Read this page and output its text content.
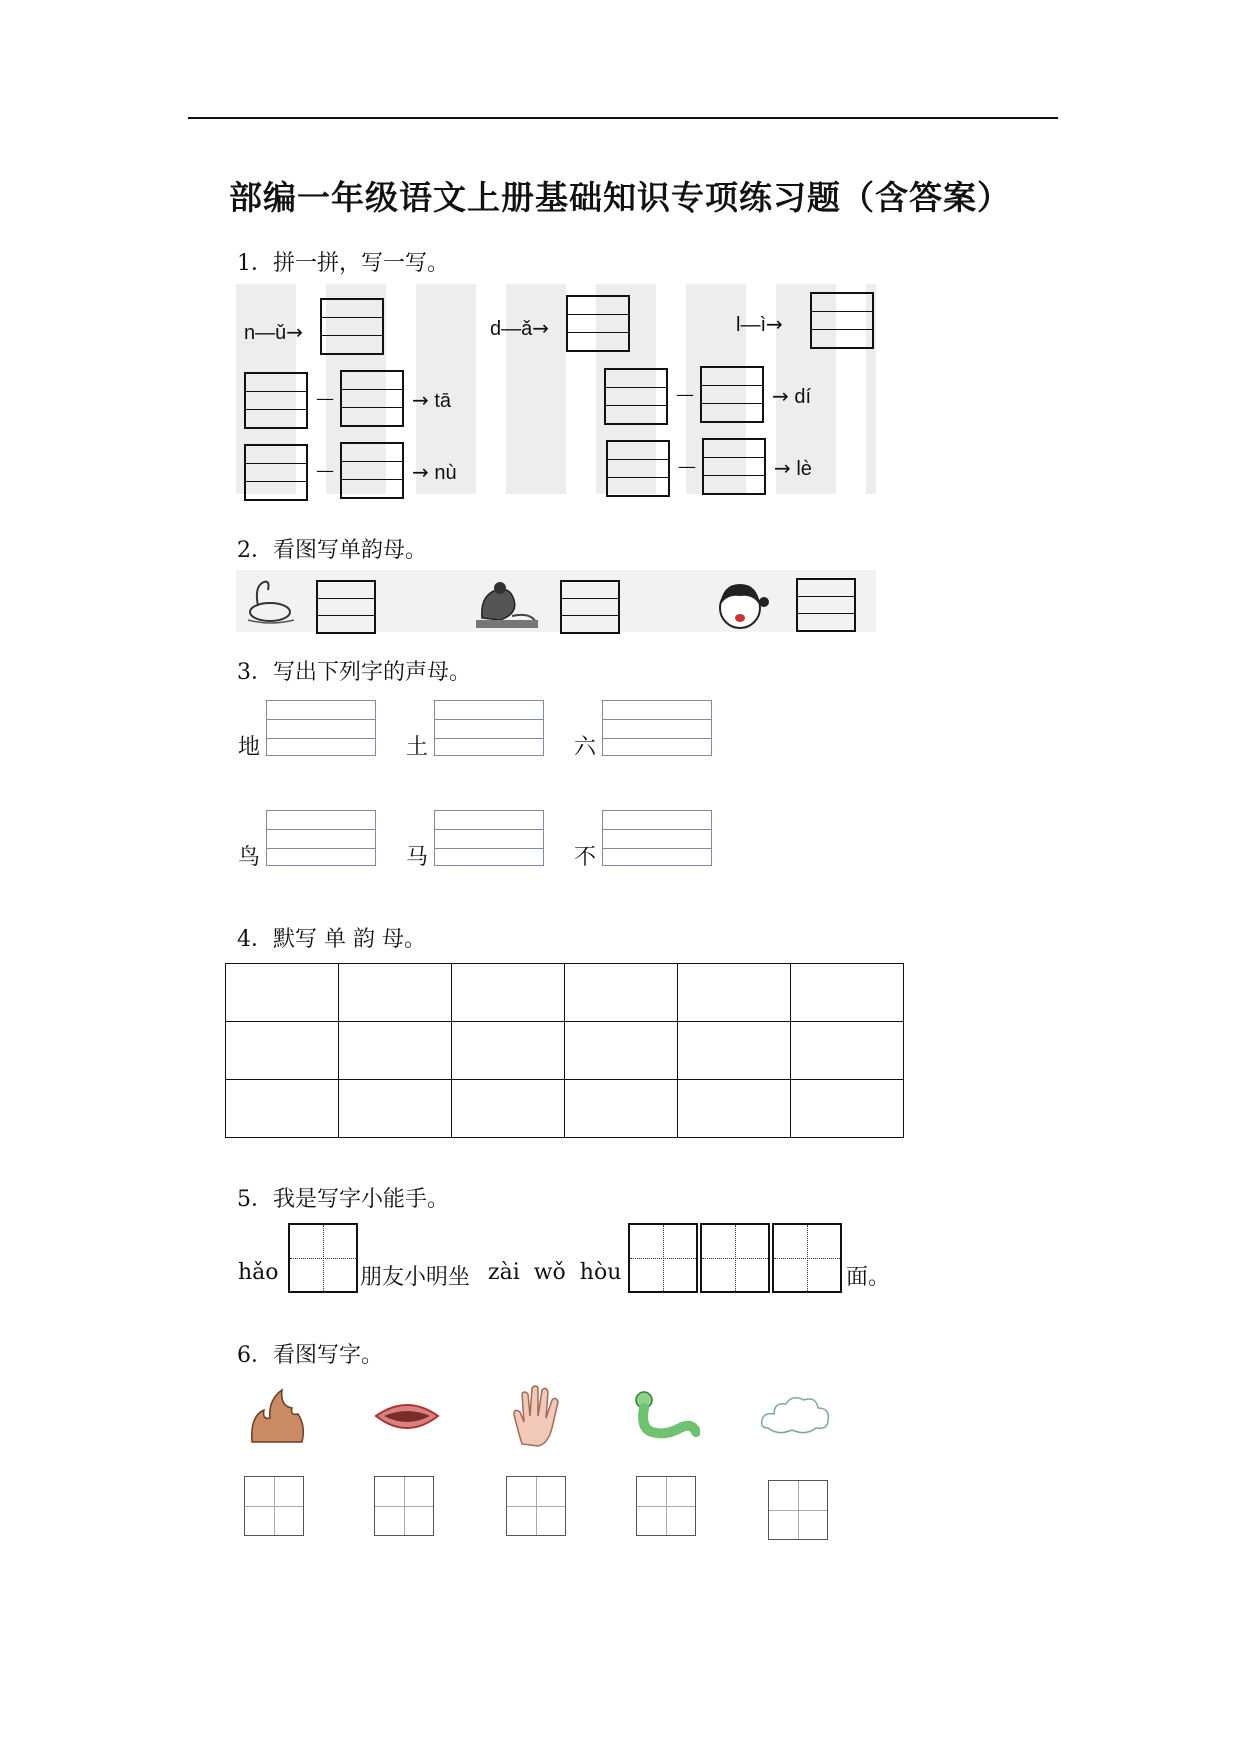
部编一年级语文上册基础知识专项练习题（含答案）
1．拼一拼，写一写。
n—ǔ→	d—ǎ→	l—ì→
—	→ tā	—	→ dí
—	→ nù	—	→ lè
2．看图写单韵母。
3．写出下列字的声母。
地	土	六
鸟	马	不
4．默写 单 韵 母。

5．我是写字小能手。
hǎo	朋友小明坐 zài  wǒ  hòu	面。
6．看图写字。
